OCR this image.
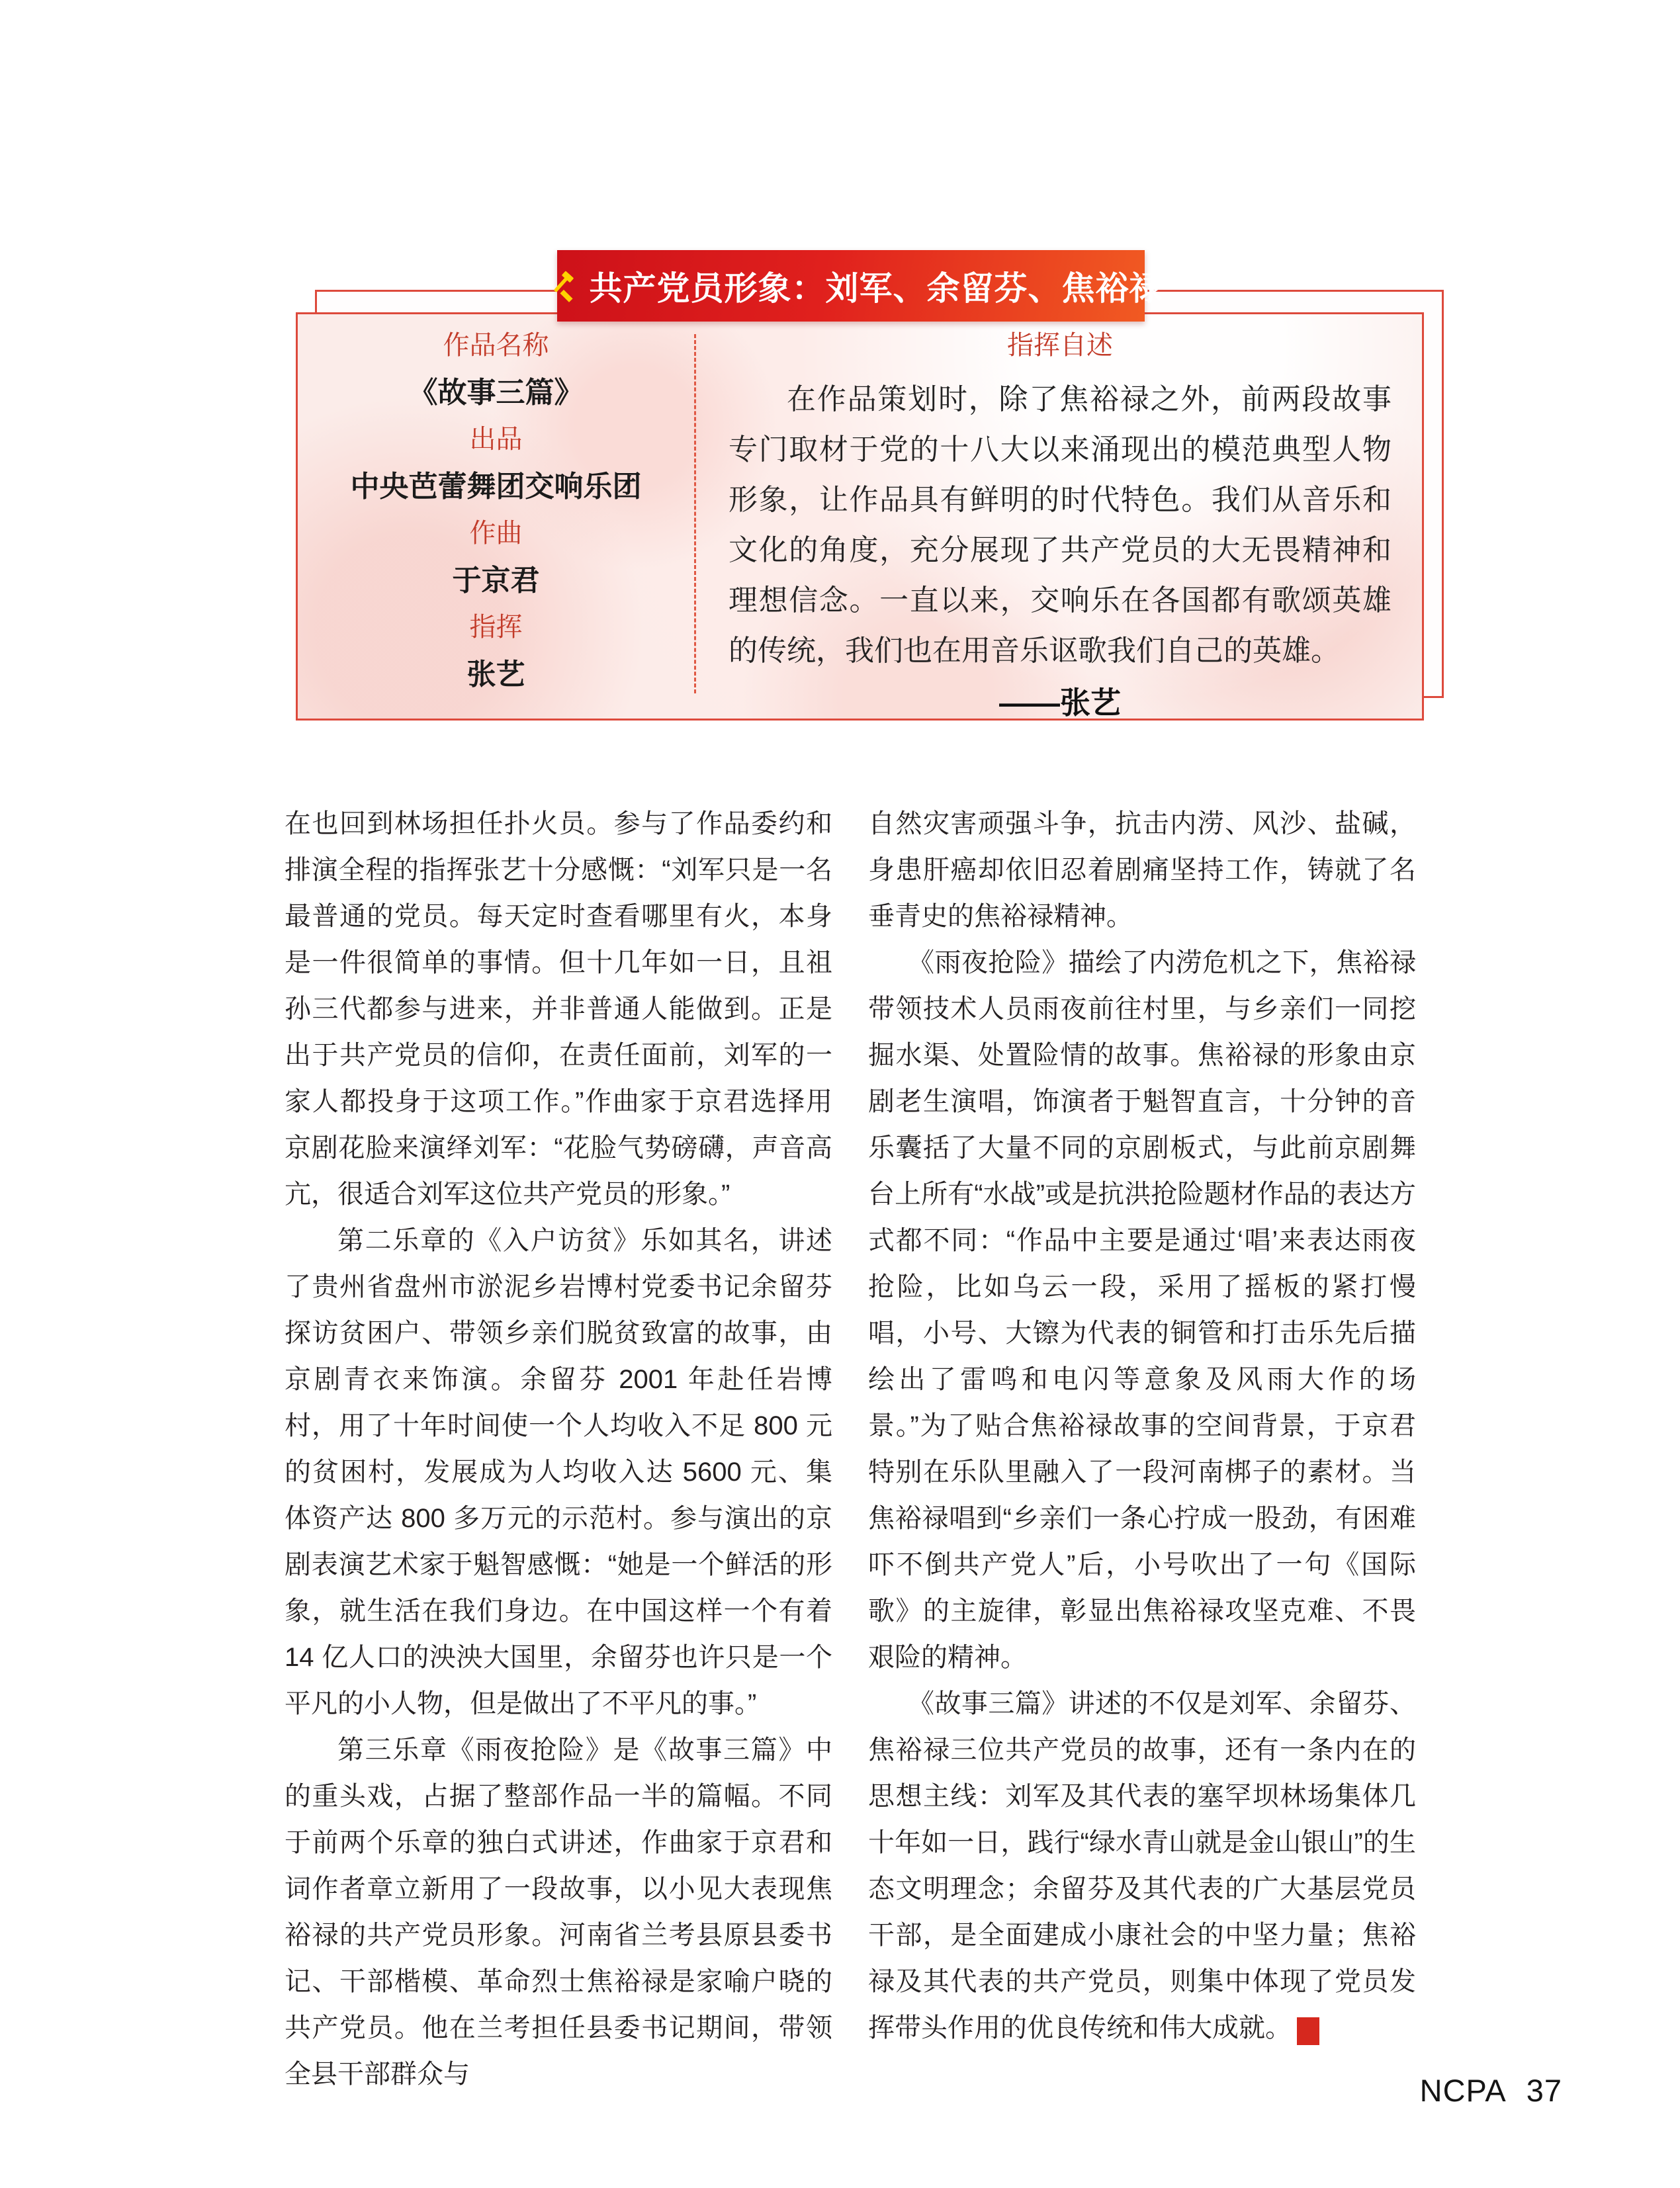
共产党员形象：刘军、余留芬、焦裕禄
作品名称
《故事三篇》
出品
中央芭蕾舞团交响乐团
作曲
于京君
指挥
张艺
指挥自述

在作品策划时，除了焦裕禄之外，前两段故事专门取材于党的十八大以来涌现出的模范典型人物形象，让作品具有鲜明的时代特色。我们从音乐和文化的角度，充分展现了共产党员的大无畏精神和理想信念。一直以来，交响乐在各国都有歌颂英雄的传统，我们也在用音乐讴歌我们自己的英雄。

——张艺

在也回到林场担任扑火员。参与了作品委约和排演全程的指挥张艺十分感慨：“刘军只是一名最普通的党员。每天定时查看哪里有火，本身是一件很简单的事情。但十几年如一日，且祖孙三代都参与进来，并非普通人能做到。正是出于共产党员的信仰，在责任面前，刘军的一家人都投身于这项工作。”作曲家于京君选择用京剧花脸来演绎刘军：“花脸气势磅礴，声音高亢，很适合刘军这位共产党员的形象。”

第二乐章的《入户访贫》乐如其名，讲述了贵州省盘州市淤泥乡岩博村党委书记余留芬探访贫困户、带领乡亲们脱贫致富的故事，由京剧青衣来饰演。余留芬 2001 年赴任岩博村，用了十年时间使一个人均收入不足 800 元的贫困村，发展成为人均收入达 5600 元、集体资产达 800 多万元的示范村。参与演出的京剧表演艺术家于魁智感慨：“她是一个鲜活的形象，就生活在我们身边。在中国这样一个有着 14 亿人口的泱泱大国里，余留芬也许只是一个平凡的小人物，但是做出了不平凡的事。”

第三乐章《雨夜抢险》是《故事三篇》中的重头戏，占据了整部作品一半的篇幅。不同于前两个乐章的独白式讲述，作曲家于京君和词作者章立新用了一段故事，以小见大表现焦裕禄的共产党员形象。河南省兰考县原县委书记、干部楷模、革命烈士焦裕禄是家喻户晓的共产党员。他在兰考担任县委书记期间，带领全县干部群众与

自然灾害顽强斗争，抗击内涝、风沙、盐碱，身患肝癌却依旧忍着剧痛坚持工作，铸就了名垂青史的焦裕禄精神。

《雨夜抢险》描绘了内涝危机之下，焦裕禄带领技术人员雨夜前往村里，与乡亲们一同挖掘水渠、处置险情的故事。焦裕禄的形象由京剧老生演唱，饰演者于魁智直言，十分钟的音乐囊括了大量不同的京剧板式，与此前京剧舞台上所有“水战”或是抗洪抢险题材作品的表达方式都不同：“作品中主要是通过‘唱’来表达雨夜抢险，比如乌云一段，采用了摇板的紧打慢唱，小号、大镲为代表的铜管和打击乐先后描绘出了雷鸣和电闪等意象及风雨大作的场景。”为了贴合焦裕禄故事的空间背景，于京君特别在乐队里融入了一段河南梆子的素材。当焦裕禄唱到“乡亲们一条心拧成一股劲，有困难吓不倒共产党人”后，小号吹出了一句《国际歌》的主旋律，彰显出焦裕禄攻坚克难、不畏艰险的精神。

《故事三篇》讲述的不仅是刘军、余留芬、焦裕禄三位共产党员的故事，还有一条内在的思想主线：刘军及其代表的塞罕坝林场集体几十年如一日，践行“绿水青山就是金山银山”的生态文明理念；余留芬及其代表的广大基层党员干部，是全面建成小康社会的中坚力量；焦裕禄及其代表的共产党员，则集中体现了党员发挥带头作用的优良传统和伟大成就。	NC
PA

NCPA 37
